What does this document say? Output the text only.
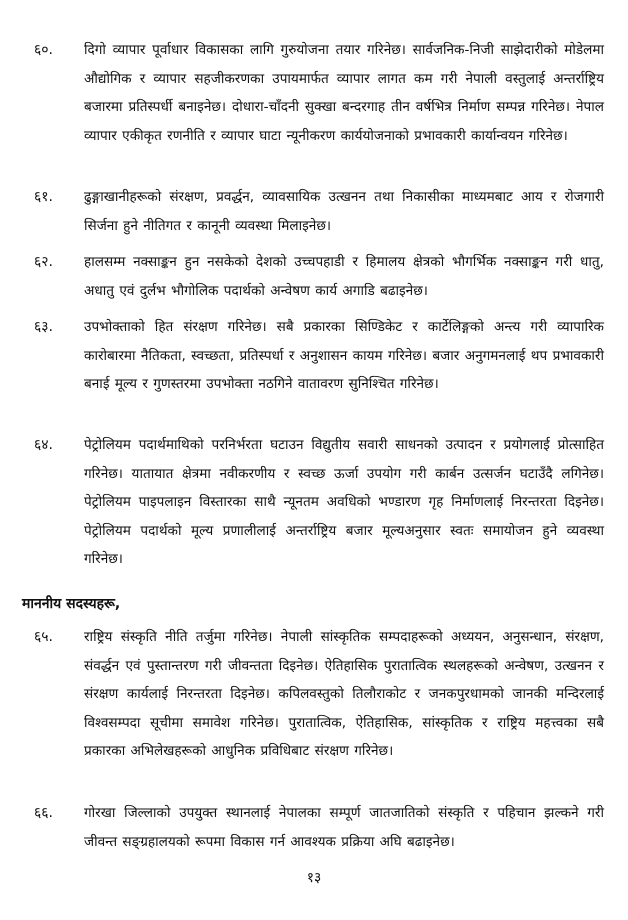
६०.	दिगो व्यापार पूर्वाधार विकासका लागि गुरुयोजना तयार गरिनेछ। सार्वजनिक-निजी साझेदारीको मोडेलमा औद्योगिक र व्यापार सहजीकरणका उपायमार्फत व्यापार लागत कम गरी नेपाली वस्तुलाई अन्तर्राष्ट्रिय बजारमा प्रतिस्पर्धी बनाइनेछ। दोधारा-चाँदनी सुक्खा बन्दरगाह तीन वर्षभित्र निर्माण सम्पन्न गरिनेछ। नेपाल व्यापार एकीकृत रणनीति र व्यापार घाटा न्यूनीकरण कार्ययोजनाको प्रभावकारी कार्यान्वयन गरिनेछ।
६१.	ढुङ्गाखानीहरूको संरक्षण, प्रवर्द्धन, व्यावसायिक उत्खनन तथा निकासीका माध्यमबाट आय र रोजगारी सिर्जना हुने नीतिगत र कानूनी व्यवस्था मिलाइनेछ।
६२.	हालसम्म नक्साङ्कन हुन नसकेको देशको उच्चपहाडी र हिमालय क्षेत्रको भौगर्भिक नक्साङ्कन गरी धातु, अधातु एवं दुर्लभ भौगोलिक पदार्थको अन्वेषण कार्य अगाडि बढाइनेछ।
६३.	उपभोक्ताको हित संरक्षण गरिनेछ। सबै प्रकारका सिण्डिकेट र कार्टेलिङ्गको अन्त्य गरी व्यापारिक कारोबारमा नैतिकता, स्वच्छता, प्रतिस्पर्धा र अनुशासन कायम गरिनेछ। बजार अनुगमनलाई थप प्रभावकारी बनाई मूल्य र गुणस्तरमा उपभोक्ता नठगिने वातावरण सुनिश्चित गरिनेछ।
६४.	पेट्रोलियम पदार्थमाथिको परनिर्भरता घटाउन विद्युतीय सवारी साधनको उत्पादन र प्रयोगलाई प्रोत्साहित गरिनेछ। यातायात क्षेत्रमा नवीकरणीय र स्वच्छ ऊर्जा उपयोग गरी कार्बन उत्सर्जन घटाउँदै लगिनेछ। पेट्रोलियम पाइपलाइन विस्तारका साथै न्यूनतम अवधिको भण्डारण गृह निर्माणलाई निरन्तरता दिइनेछ। पेट्रोलियम पदार्थको मूल्य प्रणालीलाई अन्तर्राष्ट्रिय बजार मूल्यअनुसार स्वतः समायोजन हुने व्यवस्था गरिनेछ।
माननीय सदस्यहरू,
६५.	राष्ट्रिय संस्कृति नीति तर्जुमा गरिनेछ। नेपाली सांस्कृतिक सम्पदाहरूको अध्ययन, अनुसन्धान, संरक्षण, संवर्द्धन एवं पुस्तान्तरण गरी जीवन्तता दिइनेछ। ऐतिहासिक पुरातात्विक स्थलहरूको अन्वेषण, उत्खनन र संरक्षण कार्यलाई निरन्तरता दिइनेछ। कपिलवस्तुको तिलौराकोट र जनकपुरधामको जानकी मन्दिरलाई विश्वसम्पदा सूचीमा समावेश गरिनेछ। पुरातात्विक, ऐतिहासिक, सांस्कृतिक र राष्ट्रिय महत्त्वका सबै प्रकारका अभिलेखहरूको आधुनिक प्रविधिबाट संरक्षण गरिनेछ।
६६.	गोरखा जिल्लाको उपयुक्त स्थानलाई नेपालका सम्पूर्ण जातजातिको संस्कृति र पहिचान झल्कने गरी जीवन्त सङ्ग्रहालयको रूपमा विकास गर्न आवश्यक प्रक्रिया अघि बढाइनेछ।
१३
